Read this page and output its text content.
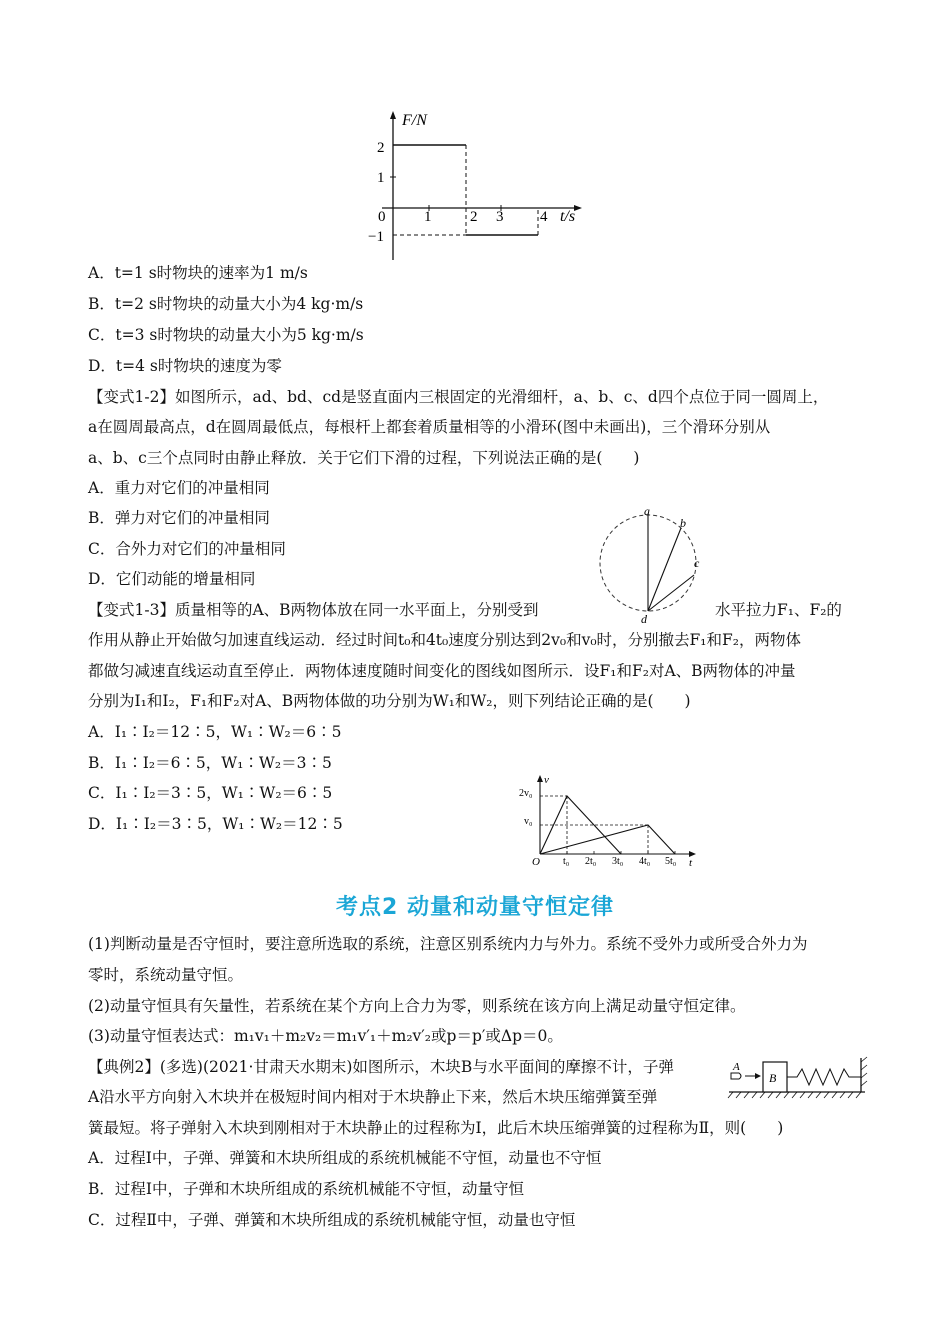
F/N
t/s
2
1
−1
0	1	2 3 4
A．t=1 s时物块的速率为1 m/s
B．t=2 s时物块的动量大小为4 kg·m/s
C．t=3 s时物块的动量大小为5 kg·m/s
D．t=4 s时物块的速度为零
【变式1-2】如图所示，ad、bd、cd是竖直面内三根固定的光滑细杆，a、b、c、d四个点位于同一圆周上，
a在圆周最高点，d在圆周最低点，每根杆上都套着质量相等的小滑环(图中未画出)，三个滑环分别从
a、b、c三个点同时由静止释放．关于它们下滑的过程，下列说法正确的是(　　)
A．重力对它们的冲量相同
B．弹力对它们的冲量相同
C．合外力对它们的冲量相同
D．它们动能的增量相同
a
b
c
d
【变式1-3】质量相等的A、B两物体放在同一水平面上，分别受到	水平拉力F₁、F₂的
作用从静止开始做匀加速直线运动．经过时间t₀和4t₀速度分别达到2v₀和v₀时，分别撤去F₁和F₂，两物体
都做匀减速直线运动直至停止．两物体速度随时间变化的图线如图所示．设F₁和F₂对A、B两物体的冲量
分别为I₁和I₂，F₁和F₂对A、B两物体做的功分别为W₁和W₂，则下列结论正确的是(　　)
A．I₁∶I₂＝12∶5，W₁∶W₂＝6∶5
B．I₁∶I₂＝6∶5，W₁∶W₂＝3∶5
C．I₁∶I₂＝3∶5，W₁∶W₂＝6∶5
D．I₁∶I₂＝3∶5，W₁∶W₂＝12∶5
v
t
2v₀
v₀
O t₀ 2t₀ 3t₀ 4t₀ 5t₀
考点2 动量和动量守恒定律
(1)判断动量是否守恒时，要注意所选取的系统，注意区别系统内力与外力。系统不受外力或所受合外力为
零时，系统动量守恒。
(2)动量守恒具有矢量性，若系统在某个方向上合力为零，则系统在该方向上满足动量守恒定律。
(3)动量守恒表达式：m₁v₁＋m₂v₂＝m₁v′₁＋m₂v′₂或p＝p′或Δp＝0。
【典例2】(多选)(2021·甘肃天水期末)如图所示，木块B与水平面间的摩擦不计，子弹
A沿水平方向射入木块并在极短时间内相对于木块静止下来，然后木块压缩弹簧至弹
簧最短。将子弹射入木块到刚相对于木块静止的过程称为Ⅰ，此后木块压缩弹簧的过程称为Ⅱ，则(　　)
A．过程Ⅰ中，子弹、弹簧和木块所组成的系统机械能不守恒，动量也不守恒
B．过程Ⅰ中，子弹和木块所组成的系统机械能不守恒，动量守恒
C．过程Ⅱ中，子弹、弹簧和木块所组成的系统机械能守恒，动量也守恒
B
A
